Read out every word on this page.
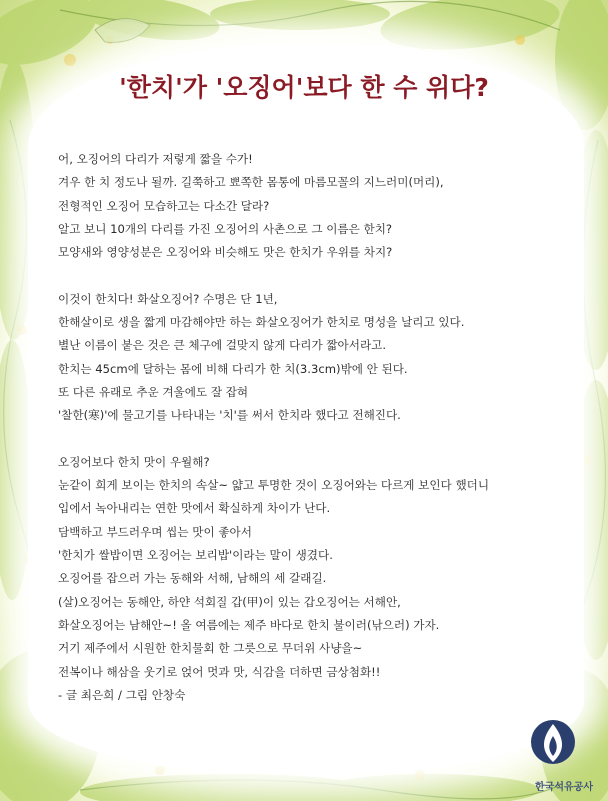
'한치'가 '오징어'보다 한 수 위다?
어, 오징어의 다리가 저렇게 짧을 수가!
겨우 한 치 정도나 될까. 길쭉하고 뾰쪽한 몸통에 마름모꼴의 지느러미(머리),
전형적인 오징어 모습하고는 다소간 달라?
알고 보니 10개의 다리를 가진 오징어의 사촌으로 그 이름은 한치?
모양새와 영양성분은 오징어와 비슷해도 맛은 한치가 우위를 차지?
이것이 한치다! 화살오징어? 수명은 단 1년,
한해살이로 생을 짧게 마감해야만 하는 화살오징어가 한치로 명성을 날리고 있다.
별난 이름이 붙은 것은 큰 체구에 걸맞지 않게 다리가 짧아서라고.
한치는 45cm에 달하는 몸에 비해 다리가 한 치(3.3cm)밖에 안 된다.
또 다른 유래로 추운 겨울에도 잘 잡혀
'찰한(寒)'에 물고기를 나타내는 '치'를 써서 한치라 했다고 전해진다.
오징어보다 한치 맛이 우월해?
눈같이 희게 보이는 한치의 속살~ 얇고 투명한 것이 오징어와는 다르게 보인다 했더니
입에서 녹아내리는 연한 맛에서 확실하게 차이가 난다.
담백하고 부드러우며 씹는 맛이 좋아서
'한치가 쌀밥이면 오징어는 보리밥'이라는 말이 생겼다.
오징어를 잡으러 가는 동해와 서해, 남해의 세 갈래길.
(살)오징어는 동해안, 하얀 석회질 갑(甲)이 있는 갑오징어는 서해안,
화살오징어는 남해안~! 올 여름에는 제주 바다로 한치 불이러(낚으러) 가자.
거기 제주에서 시원한 한치물회 한 그릇으로 무더위 사냥을~
전복이나 해삼을 웃기로 얹어 멋과 맛, 식감을 더하면 금상첨화!!
- 글 최은희 / 그림 안창숙
한국석유공사
